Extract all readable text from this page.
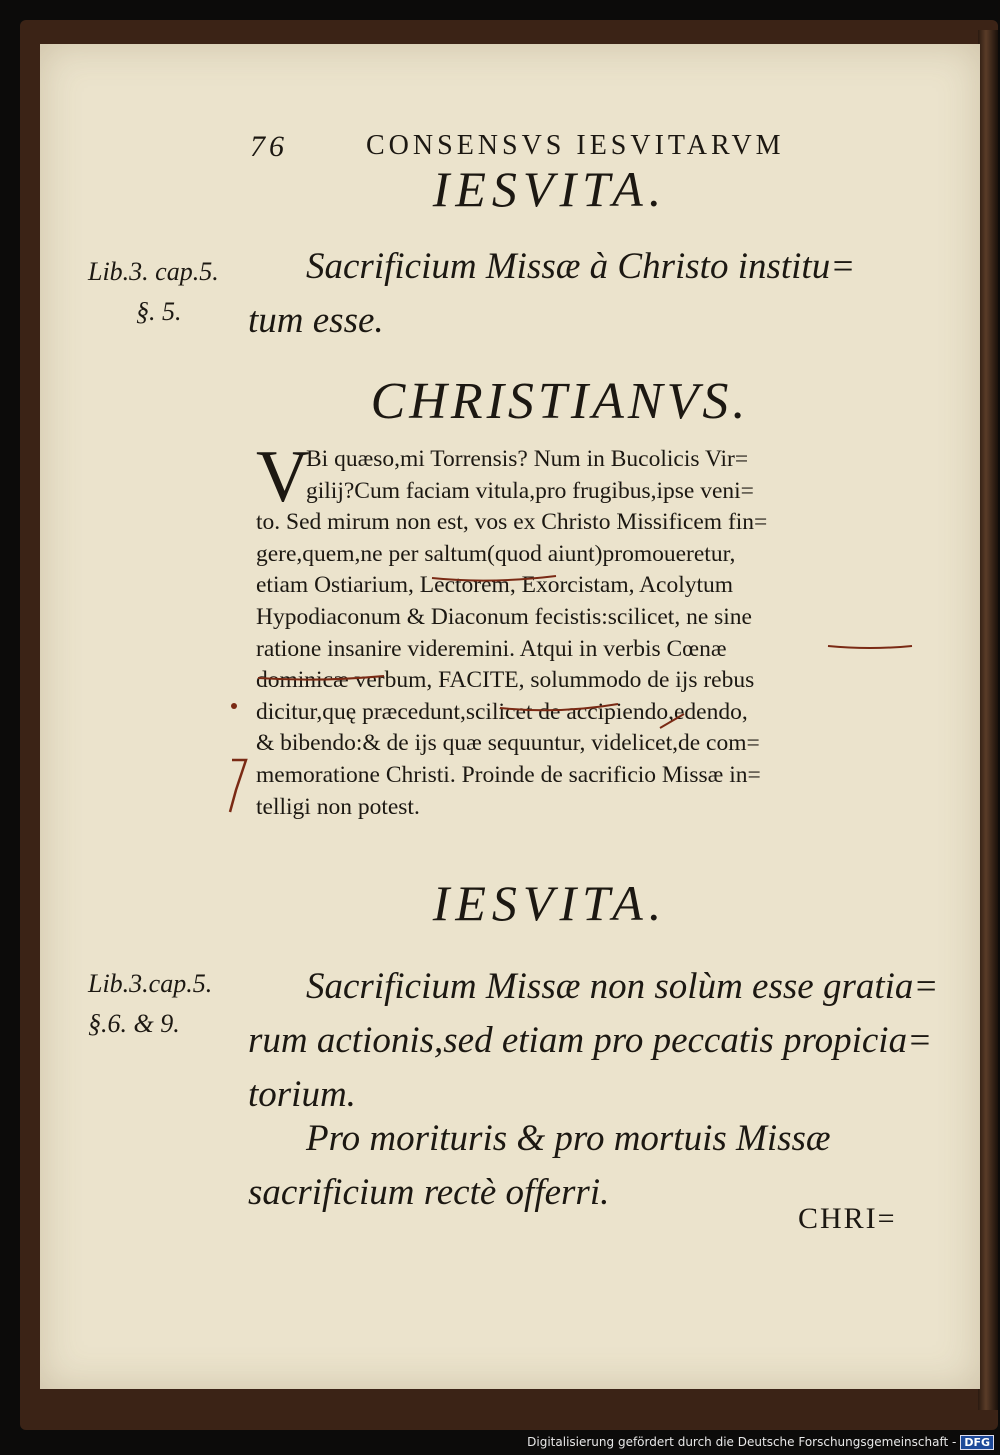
76	CONSENSVS IESVITARVM
IESVITA.
Lib.3. cap.5.
§. 5.
Sacrificium Missæ à Christo institu=
tum esse.
CHRISTIANVS.
V
Bi quæso,mi Torrensis? Num in Bucolicis Vir=
gilij?Cum faciam vitula,pro frugibus,ipse veni=
to. Sed mirum non est, vos ex Christo Missificem fin=
gere,quem,ne per saltum(quod aiunt)promoueretur,
etiam Ostiarium, Lectorem, Exorcistam, Acolytum
Hypodiaconum & Diaconum fecistis:scilicet, ne sine
ratione insanire videremini. Atqui in verbis Cœnæ
dominicæ verbum, FACITE, solummodo de ijs rebus
dicitur,quę præcedunt,scilicet de accipiendo,edendo,
& bibendo:& de ijs quæ sequuntur, videlicet,de com=
memoratione Christi. Proinde de sacrificio Missæ in=
telligi non potest.
IESVITA.
Lib.3.cap.5.
§.6. & 9.
Sacrificium Missæ non solùm esse gratia=
rum actionis,sed etiam pro peccatis propicia=
torium.
Pro morituris & pro mortuis Missæ
sacrificium rectè offerri.
CHRI=
Digitalisierung gefördert durch die Deutsche Forschungsgemeinschaft - DFG
